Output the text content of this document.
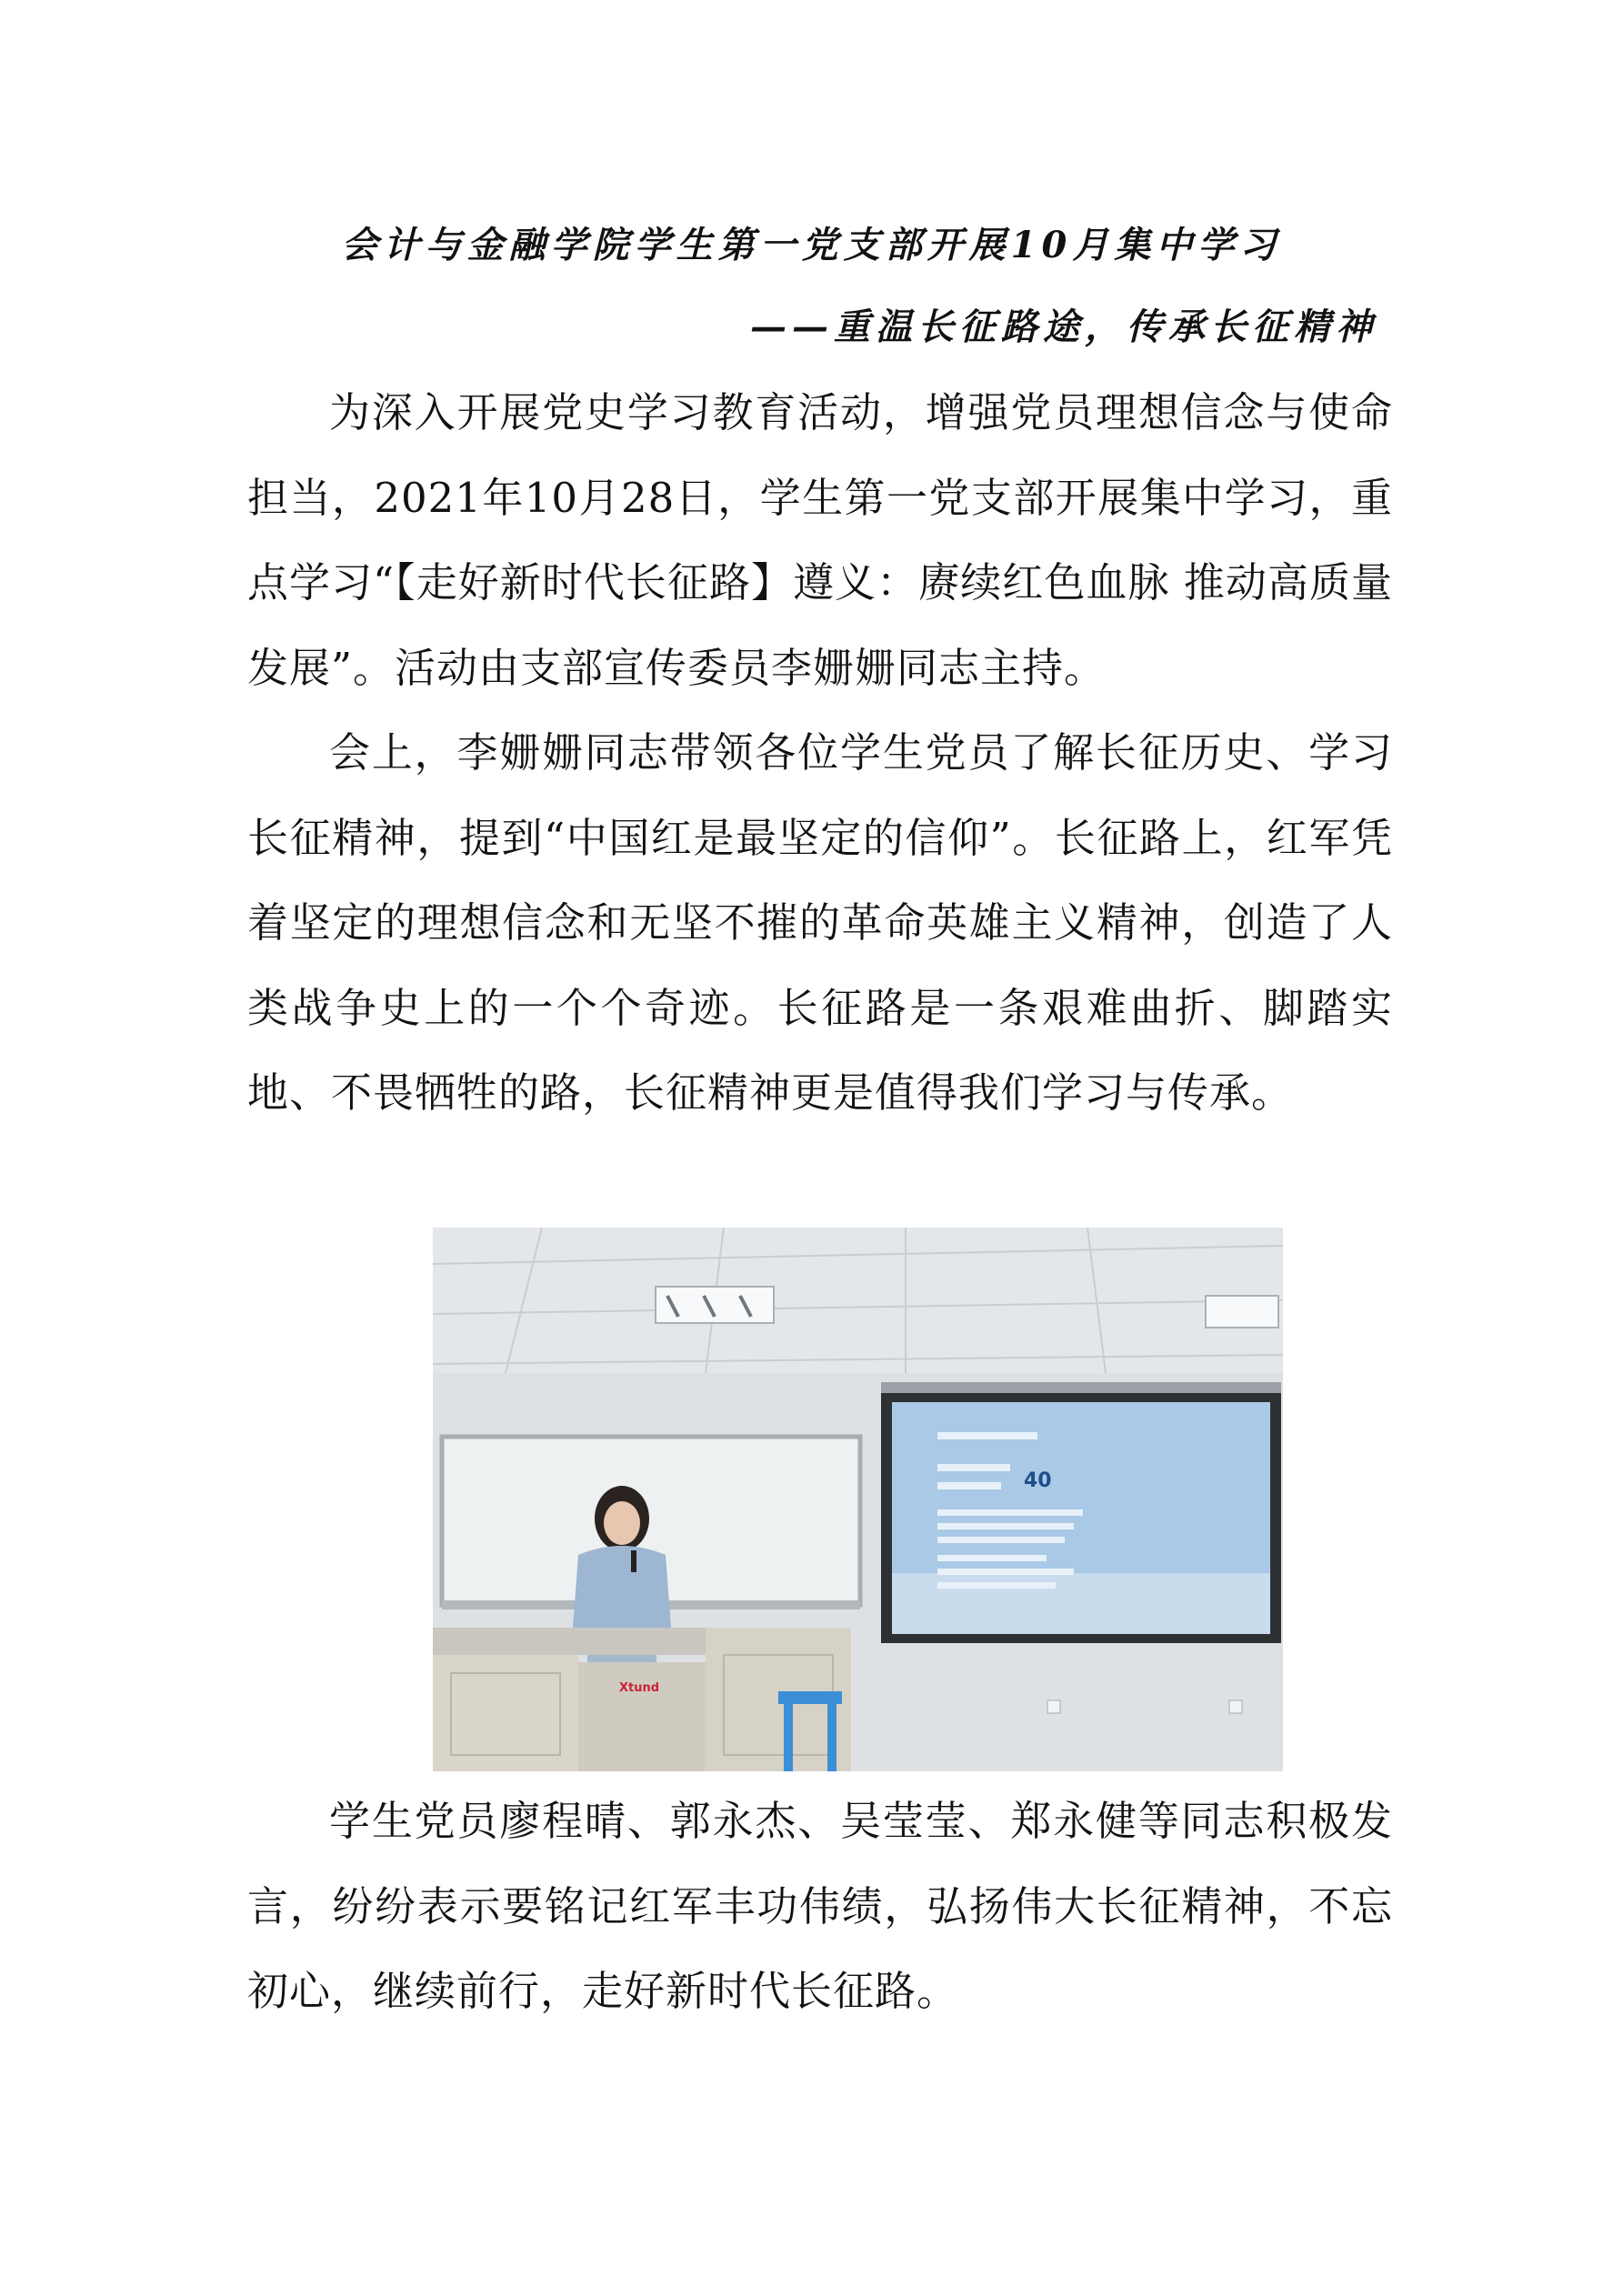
会计与金融学院学生第一党支部开展10月集中学习
——重温长征路途，传承长征精神

为深入开展党史学习教育活动，增强党员理想信念与使命担当，2021年10月28日，学生第一党支部开展集中学习，重点学习“【走好新时代长征路】遵义：赓续红色血脉 推动高质量发展”。活动由支部宣传委员李姗姗同志主持。

会上，李姗姗同志带领各位学生党员了解长征历史、学习长征精神，提到“中国红是最坚定的信仰”。长征路上，红军凭着坚定的理想信念和无坚不摧的革命英雄主义精神，创造了人类战争史上的一个个奇迹。长征路是一条艰难曲折、脚踏实地、不畏牺牲的路，长征精神更是值得我们学习与传承。

40
Xtund

学生党员廖程晴、郭永杰、吴莹莹、郑永健等同志积极发言，纷纷表示要铭记红军丰功伟绩，弘扬伟大长征精神，不忘初心，继续前行，走好新时代长征路。
